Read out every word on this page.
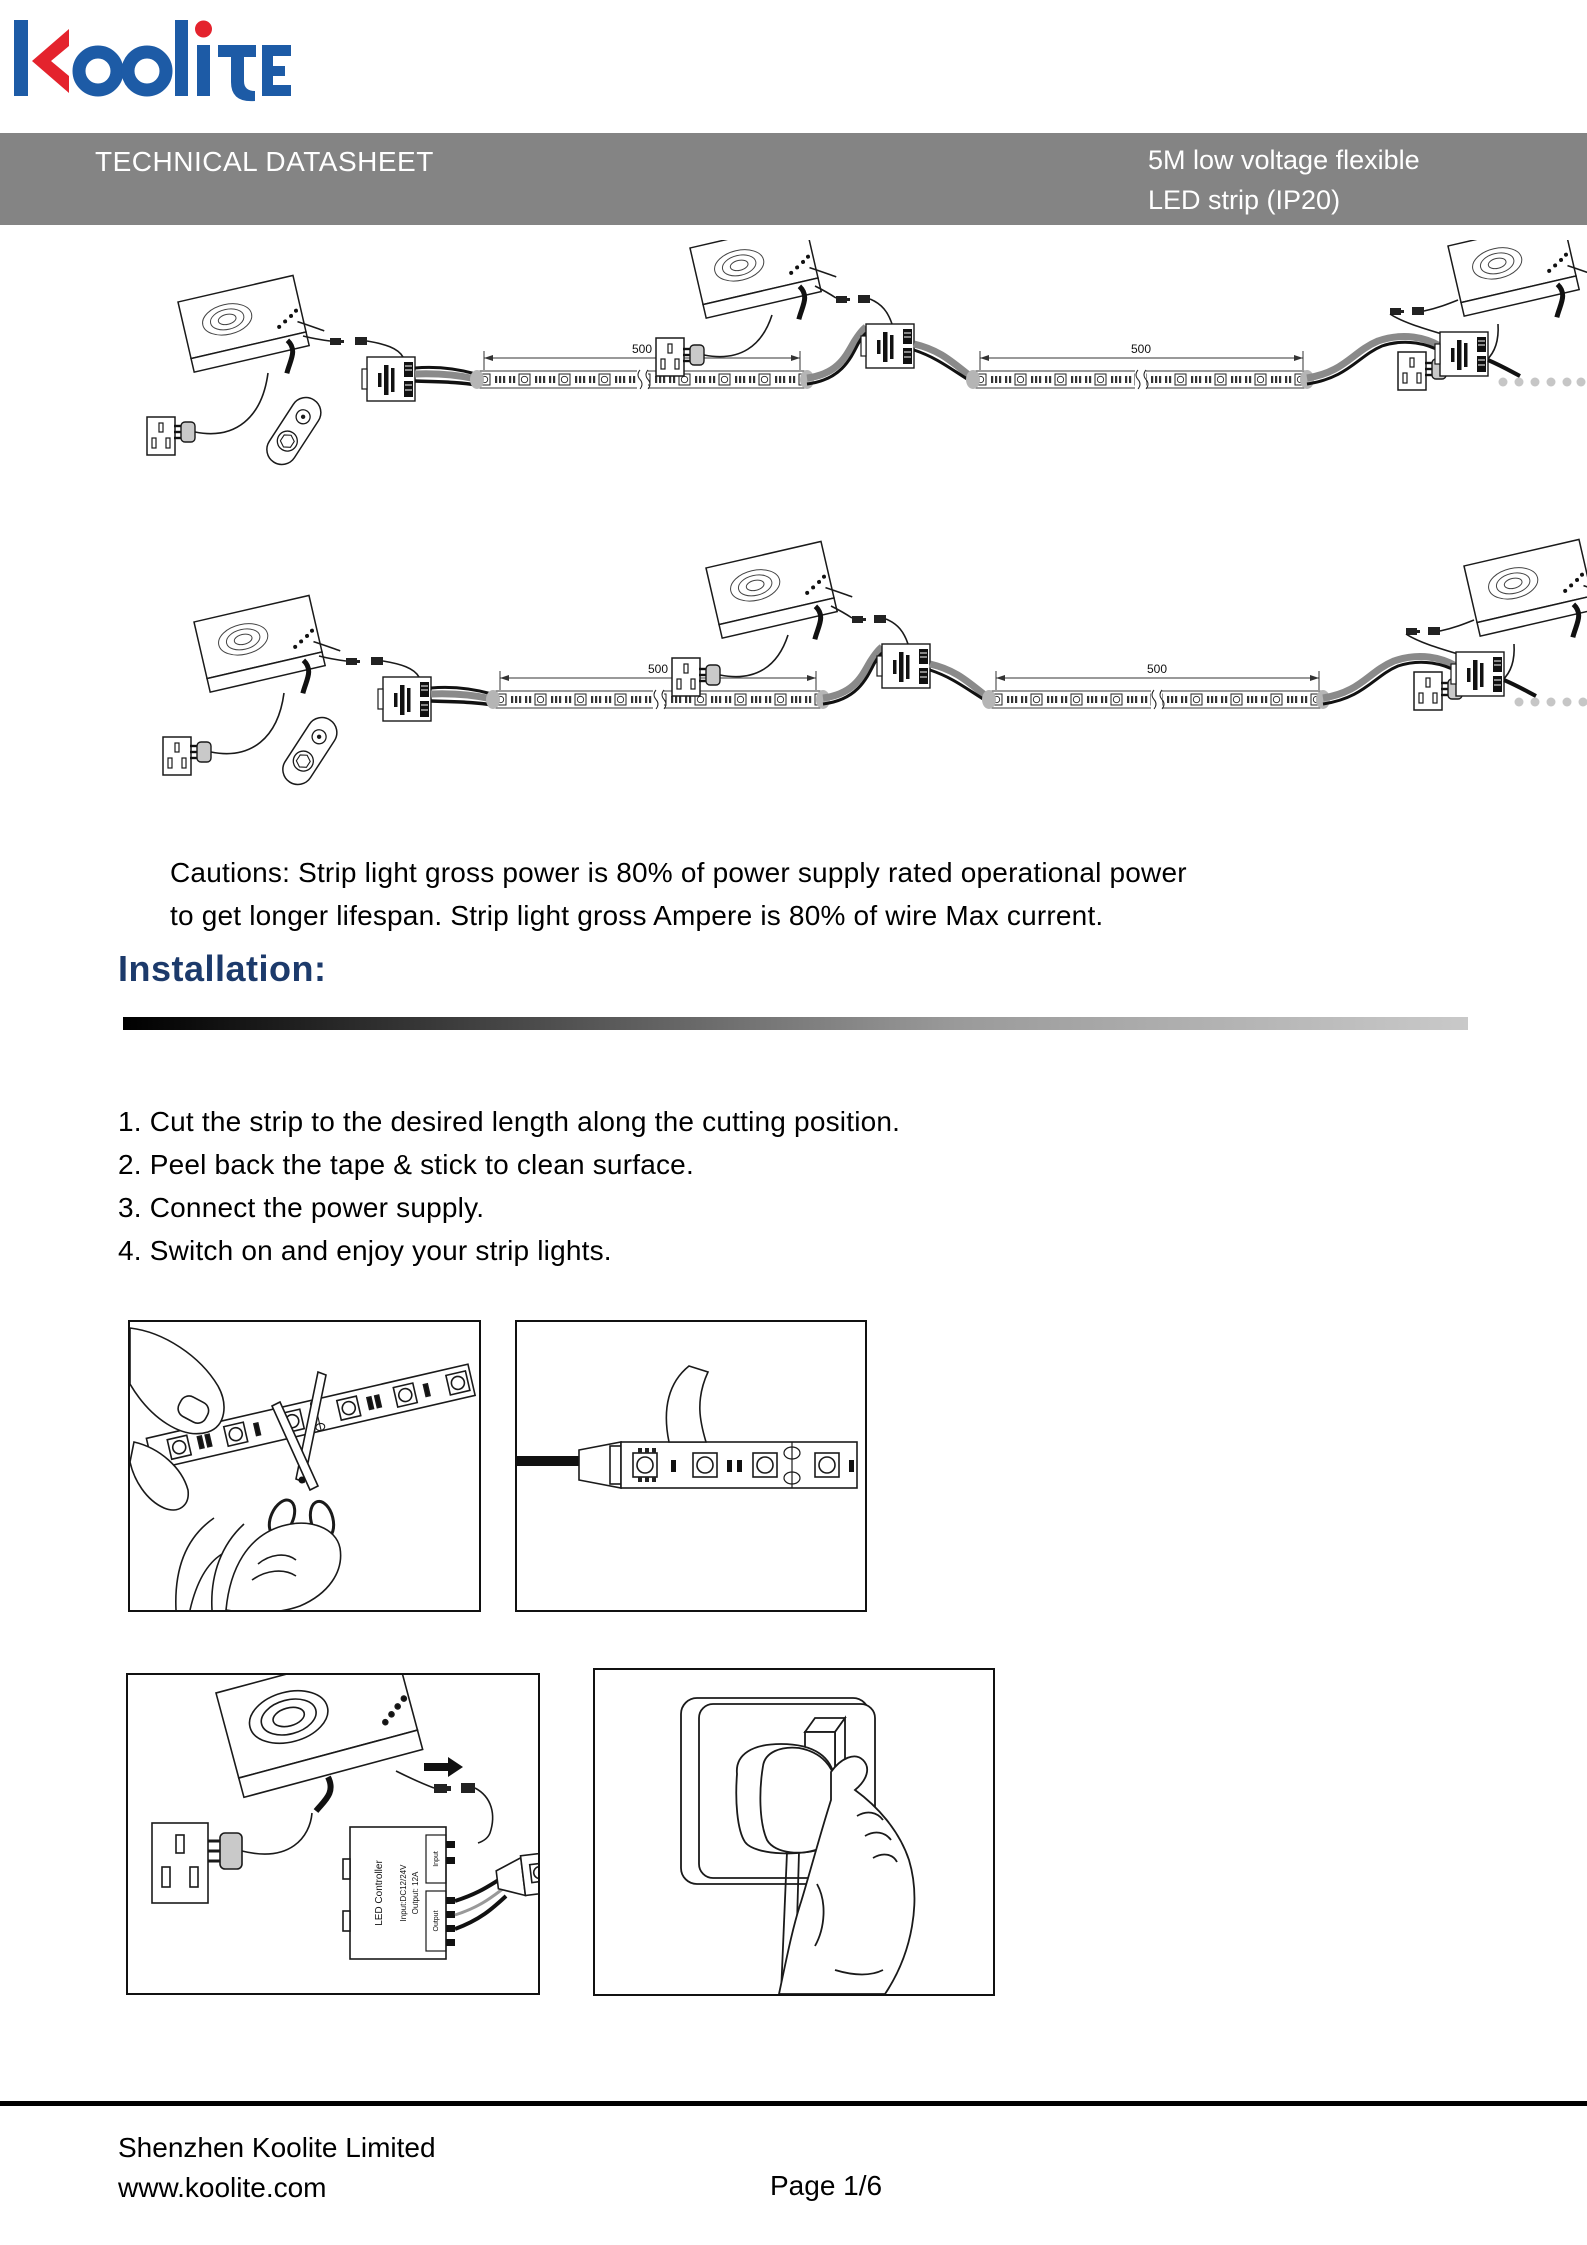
TECHNICAL DATASHEET	5M low voltage flexible
LED strip (IP20)
500	500
Cautions: Strip light gross power is 80% of power supply rated operational power
to get longer lifespan. Strip light gross Ampere is 80% of wire Max current.
Installation:
1. Cut the strip to the desired length along the cutting position.
2. Peel back the tape & stick to clean surface.
3. Connect the power supply.
4. Switch on and enjoy your strip lights.
LED Controller Input:DC12/24V Output: 12A
Input
Output
Shenzhen Koolite Limited
www.koolite.com	Page 1/6
